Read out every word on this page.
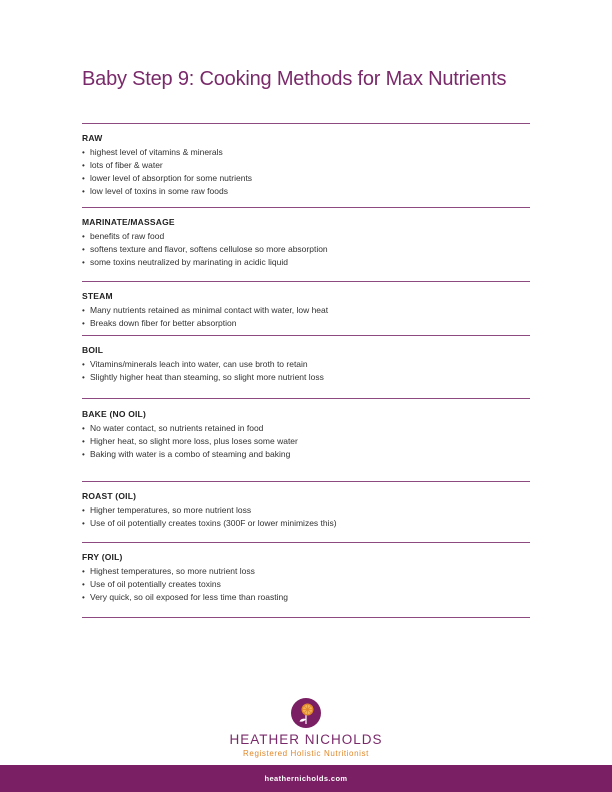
Baby Step 9: Cooking Methods for Max Nutrients
RAW
• highest level of vitamins & minerals
• lots of fiber & water
• lower level of absorption for some nutrients
• low level of toxins in some raw foods
MARINATE/MASSAGE
• benefits of raw food
• softens texture and flavor, softens cellulose so more absorption
• some toxins neutralized by marinating in acidic liquid
STEAM
• Many nutrients retained as minimal contact with water, low heat
• Breaks down fiber for better absorption
BOIL
• Vitamins/minerals leach into water, can use broth to retain
• Slightly higher heat than steaming, so slight more nutrient loss
BAKE (NO OIL)
• No water contact, so nutrients retained in food
• Higher heat, so slight more loss, plus loses some water
• Baking with water is a combo of steaming and baking
ROAST (OIL)
• Higher temperatures, so more nutrient loss
• Use of oil potentially creates toxins (300F or lower minimizes this)
FRY (OIL)
• Highest temperatures, so more nutrient loss
• Use of oil potentially creates toxins
• Very quick, so oil exposed for less time than roasting
HEATHER NICHOLDS
Registered Holistic Nutritionist
heathernicholds.com
